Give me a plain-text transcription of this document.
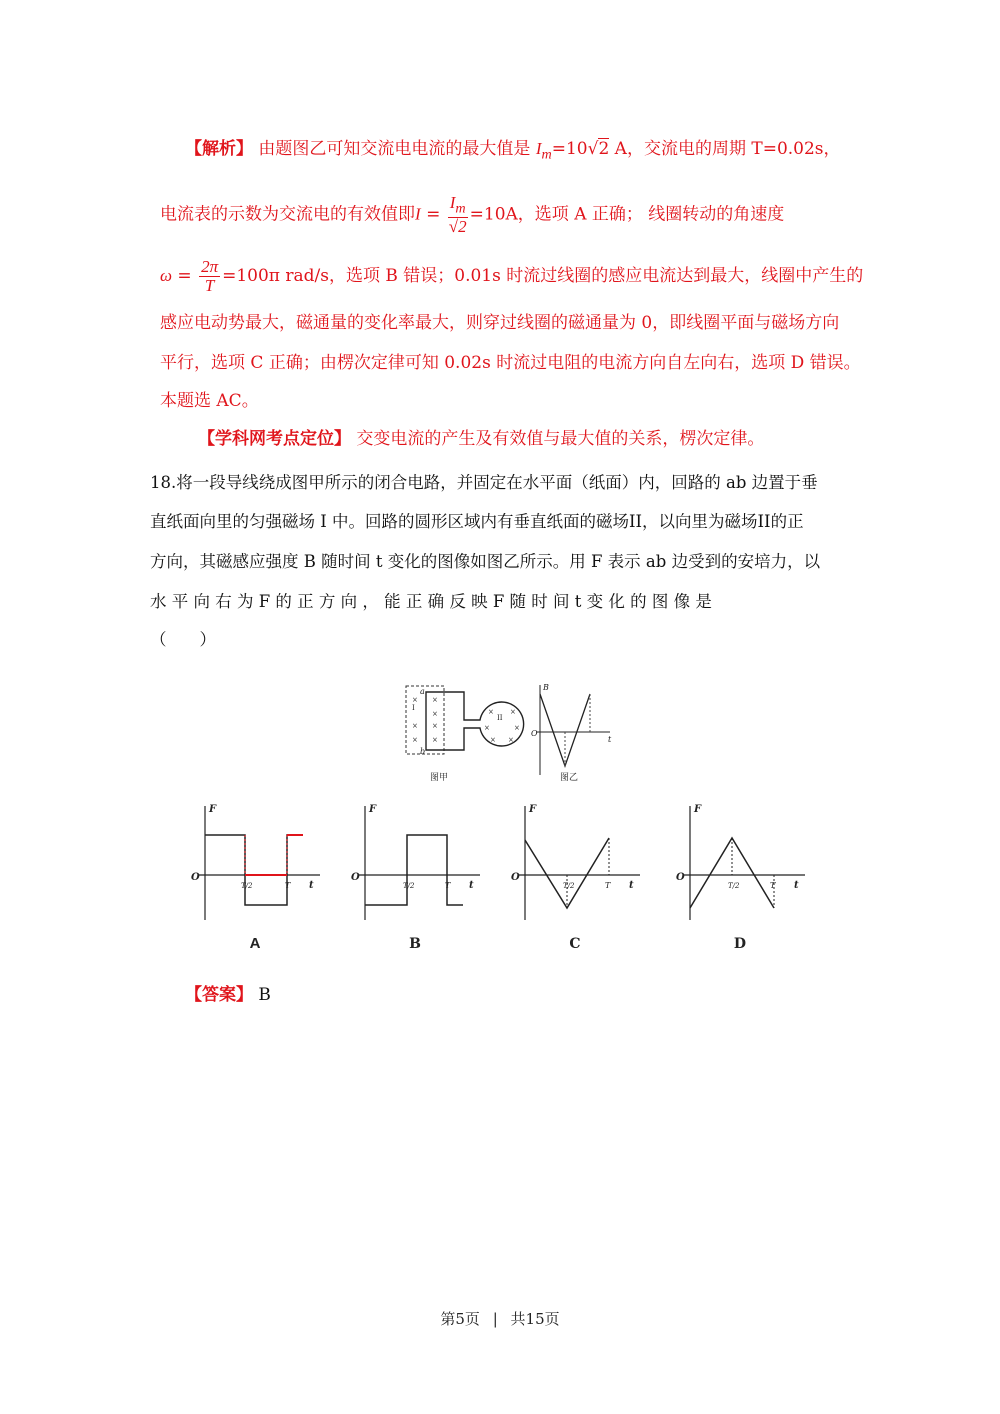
【解析】 由题图乙可知交流电电流的最大值是 $I_m=10√2$ A，交流电的周期 T=0.02s，
电流表的示数为交流电的有效值即$I = \frac{I_m}{√2} =10A$，选项 A 正确； 线圈转动的角速度
$\omega = \frac{2\pi}{T} =100\pi$ rad/s，选项 B 错误；0.01s 时流过线圈的感应电流达到最大，线圈中产生的
感应电动势最大，磁通量的变化率最大，则穿过线圈的磁通量为 0，即线圈平面与磁场方向
平行，选项 C 正确；由楞次定律可知 0.02s 时流过电阻的电流方向自左向右，选项 D 错误。
本题选 AC。
【学科网考点定位】 交变电流的产生及有效值与最大值的关系，楞次定律。
18.将一段导线绕成图甲所示的闭合电路，并固定在水平面（纸面）内，回路的 ab 边置于垂
直纸面向里的匀强磁场 I 中。回路的圆形区域内有垂直纸面的磁场II，以向里为磁场II的正
方向，其磁感应强度 B 随时间 t 变化的图像如图乙所示。用 F 表示 ab 边受到的安培力，以
水 平 向 右 为 F 的 正 方 向 ， 能 正 确 反 映 F 随 时 间 t 变 化 的 图 像 是
（　　）
a
b
I
× ×
×
× ×
× ×
× ×
×	×
× ×
II
图甲
B
t
O
图乙
F
t
O
T/2	T
A
F
t
O
T/2	T
B
F
t
O
T/2	T
C
F
t
O
T/2	T
D
【答案】 B
第5页 | 共15页
